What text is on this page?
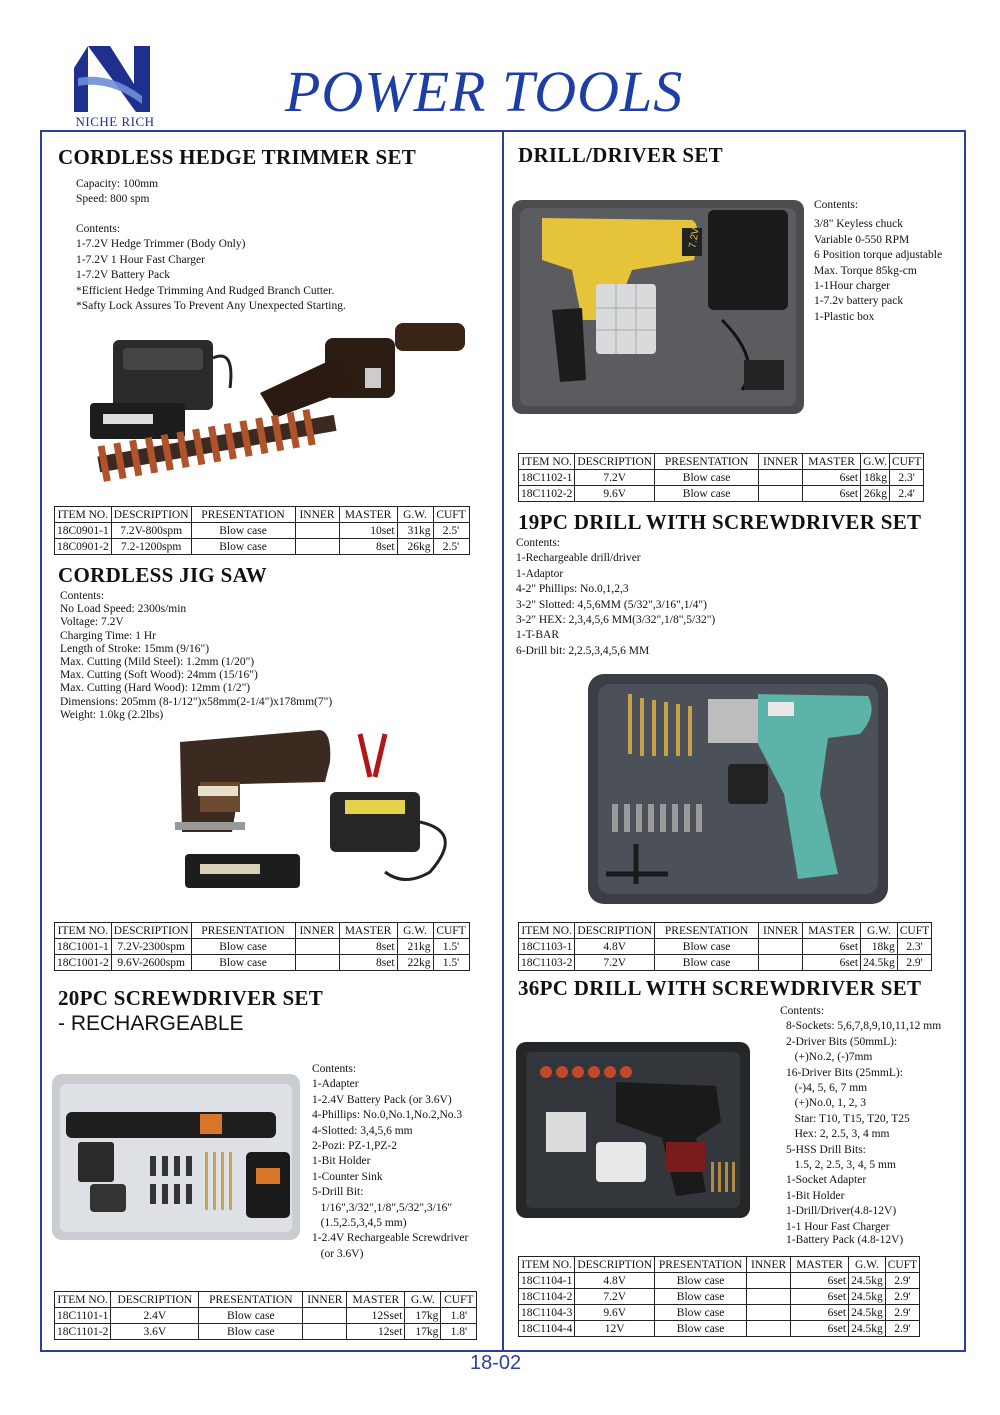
NICHE RICH POWER TOOLS
CORDLESS HEDGE TRIMMER SET
Capacity: 100mm
Speed: 800 spm
Contents:
1-7.2V Hedge Trimmer (Body Only)
1-7.2V 1 Hour Fast Charger
1-7.2V Battery Pack
*Efficient Hedge Trimming And Rudged Branch Cutter.
*Safty Lock Assures To Prevent Any Unexpected Starting.
ITEM NO.	DESCRIPTION	PRESENTATION	INNER	MASTER	G.W.	CUFT
18C0901-1	7.2V-800spm	Blow case		10set	31kg	2.5'
18C0901-2	7.2-1200spm	Blow case		8set	26kg	2.5'
CORDLESS JIG SAW
Contents:
No Load Speed: 2300s/min
Voltage: 7.2V
Charging Time: 1 Hr
Length of Stroke: 15mm (9/16")
Max. Cutting (Mild Steel): 1.2mm (1/20")
Max. Cutting (Soft Wood): 24mm (15/16")
Max. Cutting (Hard Wood): 12mm (1/2")
Dimensions: 205mm (8-1/12")x58mm(2-1/4")x178mm(7")
Weight: 1.0kg (2.2lbs)
ITEM NO.	DESCRIPTION	PRESENTATION	INNER	MASTER	G.W.	CUFT
18C1001-1	7.2V-2300spm	Blow case		8set	21kg	1.5'
18C1001-2	9.6V-2600spm	Blow case		8set	22kg	1.5'
20PC SCREWDRIVER SET
- RECHARGEABLE
Contents:
1-Adapter
1-2.4V Battery Pack (or 3.6V)
4-Phillips: No.0,No.1,No.2,No.3
4-Slotted: 3,4,5,6 mm
2-Pozi: PZ-1,PZ-2
1-Bit Holder
1-Counter Sink
5-Drill Bit:
1/16",3/32",1/8",5/32",3/16"
(1.5,2.5,3,4,5 mm)
1-2.4V Rechargeable Screwdriver
(or 3.6V)
ITEM NO.	DESCRIPTION	PRESENTATION	INNER	MASTER	G.W.	CUFT
18C1101-1	2.4V	Blow case		12Sset	17kg	1.8'
18C1101-2	3.6V	Blow case		12set	17kg	1.8'
DRILL/DRIVER SET
7.2V
Contents:
3/8" Keyless chuck
Variable 0-550 RPM
6 Position torque adjustable
Max. Torque 85kg-cm
1-1Hour charger
1-7.2v battery pack
1-Plastic box
ITEM NO.	DESCRIPTION	PRESENTATION	INNER	MASTER	G.W.	CUFT
18C1102-1	7.2V	Blow case		6set	18kg	2.3'
18C1102-2	9.6V	Blow case		6set	26kg	2.4'
19PC DRILL WITH SCREWDRIVER SET
Contents:
1-Rechargeable drill/driver
1-Adaptor
4-2" Phillips: No.0,1,2,3
3-2" Slotted: 4,5,6MM (5/32",3/16",1/4")
3-2" HEX: 2,3,4,5,6 MM(3/32",1/8",5/32")
1-T-BAR
6-Drill bit: 2,2.5,3,4,5,6 MM
ITEM NO.	DESCRIPTION	PRESENTATION	INNER	MASTER	G.W.	CUFT
18C1103-1	4.8V	Blow case		6set	18kg	2.3'
18C1103-2	7.2V	Blow case		6set	24.5kg	2.9'
36PC DRILL WITH SCREWDRIVER SET
Contents:
8-Sockets: 5,6,7,8,9,10,11,12 mm
2-Driver Bits (50mmL):
(+)No.2, (-)7mm
16-Driver Bits (25mmL):
(-)4, 5, 6, 7 mm
(+)No.0, 1, 2, 3
Star: T10, T15, T20, T25
Hex: 2, 2.5, 3, 4 mm
5-HSS Drill Bits:
1.5, 2, 2.5, 3, 4, 5 mm
1-Socket Adapter
1-Bit Holder
1-Drill/Driver(4.8-12V)
1-1 Hour Fast Charger
1-Battery Pack (4.8-12V)
ITEM NO.	DESCRIPTION	PRESENTATION	INNER	MASTER	G.W.	CUFT
18C1104-1	4.8V	Blow case		6set	24.5kg	2.9'
18C1104-2	7.2V	Blow case		6set	24.5kg	2.9'
18C1104-3	9.6V	Blow case		6set	24.5kg	2.9'
18C1104-4	12V	Blow case		6set	24.5kg	2.9'
18-02
